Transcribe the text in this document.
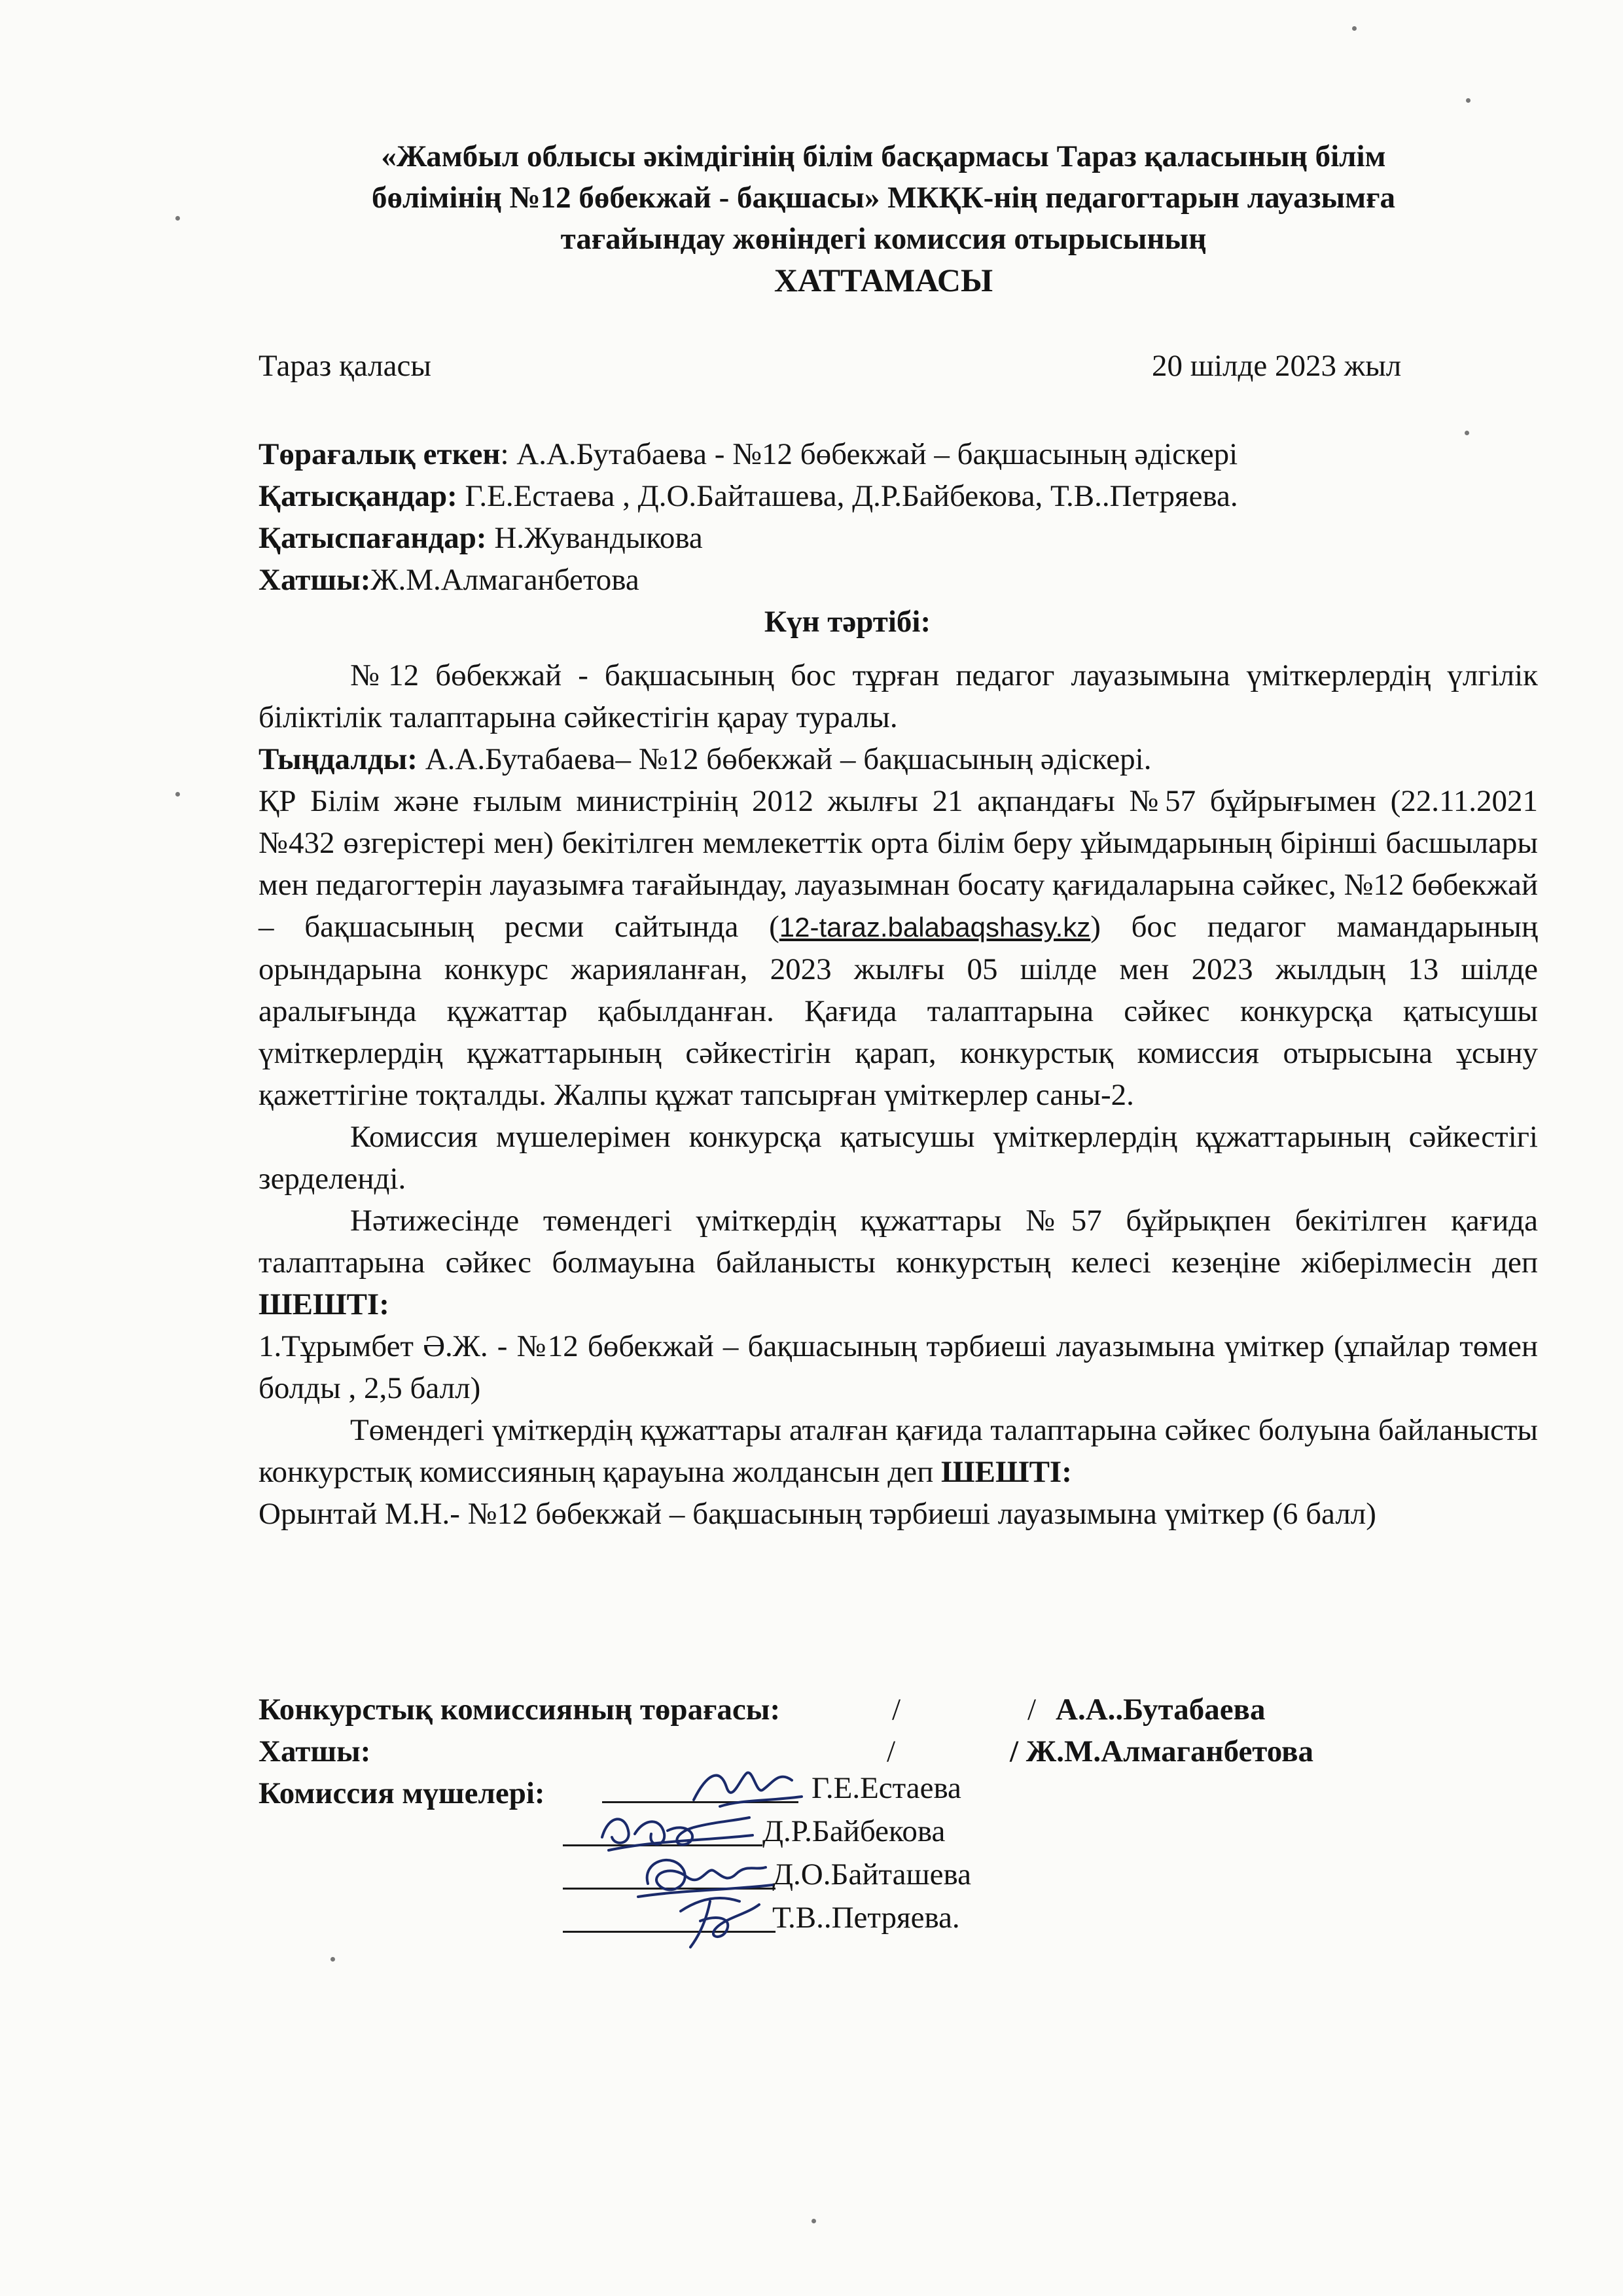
«Жамбыл облысы әкімдігінің білім басқармасы Тараз қаласының білім
бөлімінің №12 бөбекжай - бақшасы» МКҚК-нің педагогтарын лауазымға
тағайындау жөніндегі комиссия отырысының
ХАТТАМАСЫ
Тараз қаласы	20 шілде 2023 жыл
Төрағалық еткен: А.А.Бутабаева - №12 бөбекжай – бақшасының әдіскері
Қатысқандар: Г.Е.Естаева , Д.О.Байташева, Д.Р.Байбекова, Т.В..Петряева.
Қатыспағандар: Н.Жувандыкова
Хатшы:Ж.М.Алмаганбетова
Күн тәртібі:

№12 бөбекжай - бақшасының бос тұрған педагог лауазымына үміткерлердің үлгілік біліктілік талаптарына сәйкестігін қарау туралы.

Тыңдалды: А.А.Бутабаева– №12 бөбекжай – бақшасының әдіскері.

ҚР Білім және ғылым министрінің 2012 жылғы 21 ақпандағы №57 бұйрығымен (22.11.2021 №432 өзгерістері мен) бекітілген мемлекеттік орта білім беру ұйымдарының бірінші басшылары мен педагогтерін лауазымға тағайындау, лауазымнан босату қағидаларына сәйкес, №12 бөбекжай – бақшасының ресми сайтында (12-taraz.balabaqshasy.kz) бос педагог мамандарының орындарына конкурс жарияланған, 2023 жылғы 05 шілде мен 2023 жылдың 13 шілде аралығында құжаттар қабылданған. Қағида талаптарына сәйкес конкурсқа қатысушы үміткерлердің құжаттарының сәйкестігін қарап, конкурстық комиссия отырысына ұсыну қажеттігіне тоқталды. Жалпы құжат тапсырған үміткерлер саны-2.

Комиссия мүшелерімен конкурсқа қатысушы үміткерлердің құжаттарының сәйкестігі зерделенді.

Нәтижесінде төмендегі үміткердің құжаттары №57 бұйрықпен бекітілген қағида талаптарына сәйкес болмауына байланысты конкурстың келесі кезеңіне жіберілмесін деп ШЕШТІ:

1.Тұрымбет Ә.Ж. - №12 бөбекжай – бақшасының тәрбиеші лауазымына үміткер (ұпайлар төмен болды , 2,5 балл)

Төмендегі үміткердің құжаттары аталған қағида талаптарына сәйкес болуына байланысты конкурстық комиссияның қарауына жолдансын деп ШЕШТІ:

Орынтай М.Н.- №12 бөбекжай – бақшасының тәрбиеші лауазымына үміткер (6 балл)

Конкурстық комиссияның төрағасы:	/	/ А.А..Бутабаева
Хатшы:	/	/ Ж.М.Алмаганбетова
Комиссия мүшелері:	Г.Е.Естаева
Д.Р.Байбекова
Д.О.Байташева
Т.В..Петряева.
